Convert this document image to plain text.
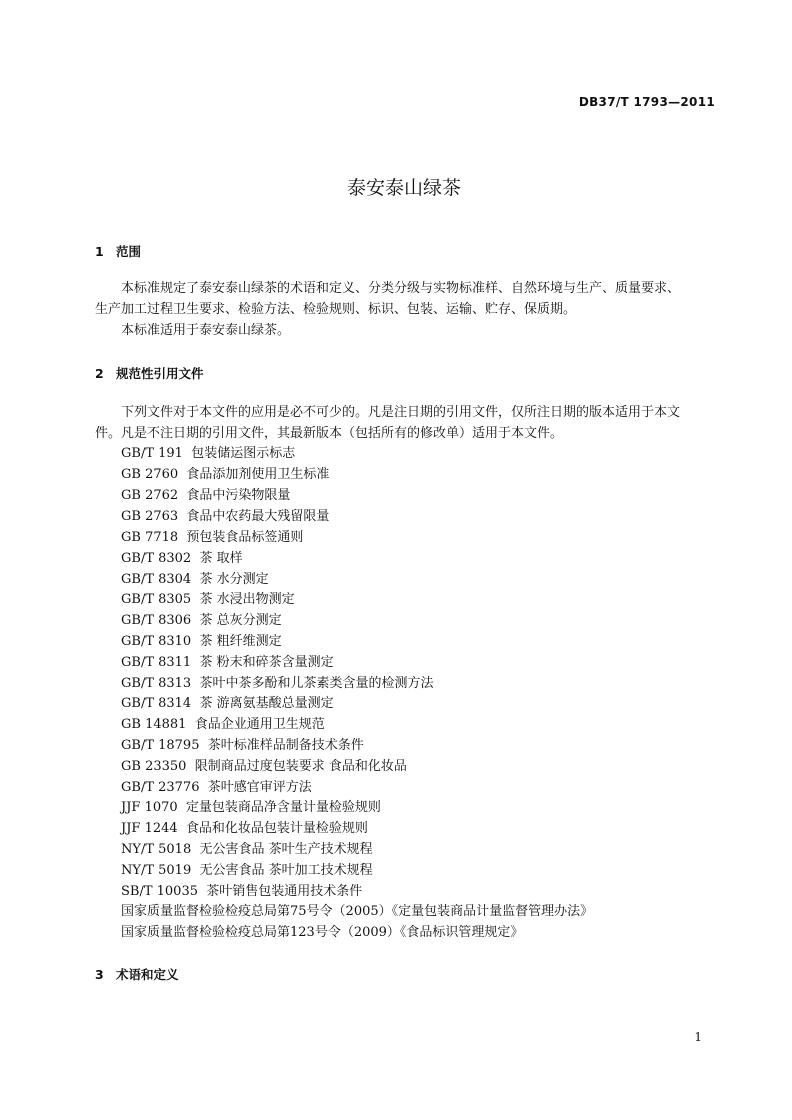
DB37/T 1793—2011
泰安泰山绿茶
1 范围
本标准规定了泰安泰山绿茶的术语和定义、分类分级与实物标准样、自然环境与生产、质量要求、
生产加工过程卫生要求、检验方法、检验规则、标识、包装、运输、贮存、保质期。
本标准适用于泰安泰山绿茶。
2 规范性引用文件
下列文件对于本文件的应用是必不可少的。凡是注日期的引用文件，仅所注日期的版本适用于本文
件。凡是不注日期的引用文件，其最新版本（包括所有的修改单）适用于本文件。
GB/T 191  包装储运图示标志
GB 2760  食品添加剂使用卫生标准
GB 2762  食品中污染物限量
GB 2763  食品中农药最大残留限量
GB 7718  预包装食品标签通则
GB/T 8302  茶 取样
GB/T 8304  茶 水分测定
GB/T 8305  茶 水浸出物测定
GB/T 8306  茶 总灰分测定
GB/T 8310  茶 粗纤维测定
GB/T 8311  茶 粉末和碎茶含量测定
GB/T 8313  茶叶中茶多酚和儿茶素类含量的检测方法
GB/T 8314  茶 游离氨基酸总量测定
GB 14881  食品企业通用卫生规范
GB/T 18795  茶叶标准样品制备技术条件
GB 23350  限制商品过度包装要求 食品和化妆品
GB/T 23776  茶叶感官审评方法
JJF 1070  定量包装商品净含量计量检验规则
JJF 1244  食品和化妆品包装计量检验规则
NY/T 5018  无公害食品 茶叶生产技术规程
NY/T 5019  无公害食品 茶叶加工技术规程
SB/T 10035  茶叶销售包装通用技术条件
国家质量监督检验检疫总局第75号令（2005）《定量包装商品计量监督管理办法》
国家质量监督检验检疫总局第123号令（2009）《食品标识管理规定》
3 术语和定义
1
